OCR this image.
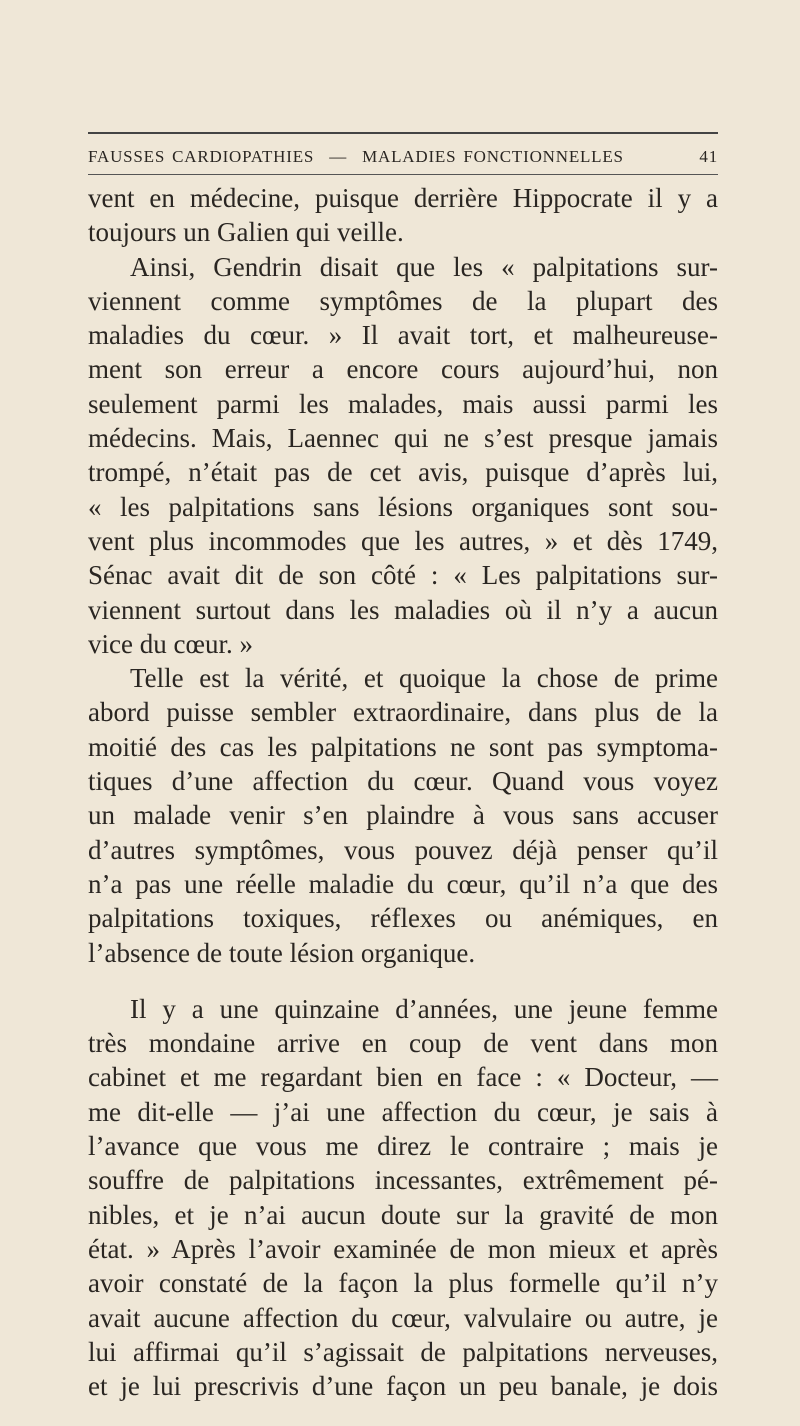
FAUSSES CARDIOPATHIES — MALADIES FONCTIONNELLES	41
vent en médecine, puisque derrière Hippocrate il y a
toujours un Galien qui veille.
Ainsi, Gendrin disait que les « palpitations sur-
viennent comme symptômes de la plupart des
maladies du cœur. » Il avait tort, et malheureuse-
ment son erreur a encore cours aujourd’hui, non
seulement parmi les malades, mais aussi parmi les
médecins. Mais, Laennec qui ne s’est presque jamais
trompé, n’était pas de cet avis, puisque d’après lui,
« les palpitations sans lésions organiques sont sou-
vent plus incommodes que les autres, » et dès 1749,
Sénac avait dit de son côté : « Les palpitations sur-
viennent surtout dans les maladies où il n’y a aucun
vice du cœur. »
Telle est la vérité, et quoique la chose de prime
abord puisse sembler extraordinaire, dans plus de la
moitié des cas les palpitations ne sont pas symptoma-
tiques d’une affection du cœur. Quand vous voyez
un malade venir s’en plaindre à vous sans accuser
d’autres symptômes, vous pouvez déjà penser qu’il
n’a pas une réelle maladie du cœur, qu’il n’a que des
palpitations toxiques, réflexes ou anémiques, en
l’absence de toute lésion organique.
Il y a une quinzaine d’années, une jeune femme
très mondaine arrive en coup de vent dans mon
cabinet et me regardant bien en face : « Docteur, —
me dit-elle — j’ai une affection du cœur, je sais à
l’avance que vous me direz le contraire ; mais je
souffre de palpitations incessantes, extrêmement pé-
nibles, et je n’ai aucun doute sur la gravité de mon
état. » Après l’avoir examinée de mon mieux et après
avoir constaté de la façon la plus formelle qu’il n’y
avait aucune affection du cœur, valvulaire ou autre, je
lui affirmai qu’il s’agissait de palpitations nerveuses,
et je lui prescrivis d’une façon un peu banale, je dois
